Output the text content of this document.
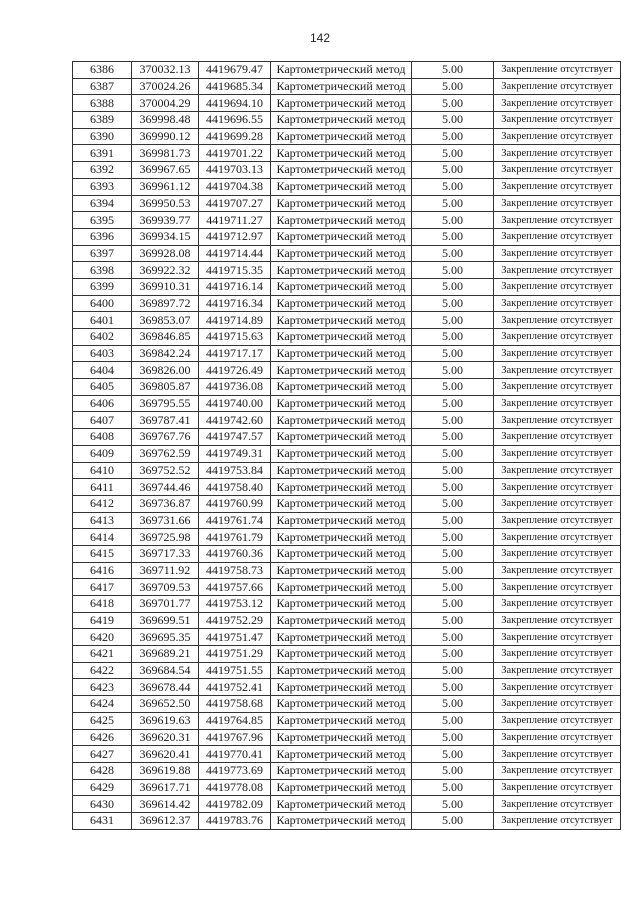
142
6386	370032.13	4419679.47	Картометрический метод	5.00	Закрепление отсутствует
6387	370024.26	4419685.34	Картометрический метод	5.00	Закрепление отсутствует
6388	370004.29	4419694.10	Картометрический метод	5.00	Закрепление отсутствует
6389	369998.48	4419696.55	Картометрический метод	5.00	Закрепление отсутствует
6390	369990.12	4419699.28	Картометрический метод	5.00	Закрепление отсутствует
6391	369981.73	4419701.22	Картометрический метод	5.00	Закрепление отсутствует
6392	369967.65	4419703.13	Картометрический метод	5.00	Закрепление отсутствует
6393	369961.12	4419704.38	Картометрический метод	5.00	Закрепление отсутствует
6394	369950.53	4419707.27	Картометрический метод	5.00	Закрепление отсутствует
6395	369939.77	4419711.27	Картометрический метод	5.00	Закрепление отсутствует
6396	369934.15	4419712.97	Картометрический метод	5.00	Закрепление отсутствует
6397	369928.08	4419714.44	Картометрический метод	5.00	Закрепление отсутствует
6398	369922.32	4419715.35	Картометрический метод	5.00	Закрепление отсутствует
6399	369910.31	4419716.14	Картометрический метод	5.00	Закрепление отсутствует
6400	369897.72	4419716.34	Картометрический метод	5.00	Закрепление отсутствует
6401	369853.07	4419714.89	Картометрический метод	5.00	Закрепление отсутствует
6402	369846.85	4419715.63	Картометрический метод	5.00	Закрепление отсутствует
6403	369842.24	4419717.17	Картометрический метод	5.00	Закрепление отсутствует
6404	369826.00	4419726.49	Картометрический метод	5.00	Закрепление отсутствует
6405	369805.87	4419736.08	Картометрический метод	5.00	Закрепление отсутствует
6406	369795.55	4419740.00	Картометрический метод	5.00	Закрепление отсутствует
6407	369787.41	4419742.60	Картометрический метод	5.00	Закрепление отсутствует
6408	369767.76	4419747.57	Картометрический метод	5.00	Закрепление отсутствует
6409	369762.59	4419749.31	Картометрический метод	5.00	Закрепление отсутствует
6410	369752.52	4419753.84	Картометрический метод	5.00	Закрепление отсутствует
6411	369744.46	4419758.40	Картометрический метод	5.00	Закрепление отсутствует
6412	369736.87	4419760.99	Картометрический метод	5.00	Закрепление отсутствует
6413	369731.66	4419761.74	Картометрический метод	5.00	Закрепление отсутствует
6414	369725.98	4419761.79	Картометрический метод	5.00	Закрепление отсутствует
6415	369717.33	4419760.36	Картометрический метод	5.00	Закрепление отсутствует
6416	369711.92	4419758.73	Картометрический метод	5.00	Закрепление отсутствует
6417	369709.53	4419757.66	Картометрический метод	5.00	Закрепление отсутствует
6418	369701.77	4419753.12	Картометрический метод	5.00	Закрепление отсутствует
6419	369699.51	4419752.29	Картометрический метод	5.00	Закрепление отсутствует
6420	369695.35	4419751.47	Картометрический метод	5.00	Закрепление отсутствует
6421	369689.21	4419751.29	Картометрический метод	5.00	Закрепление отсутствует
6422	369684.54	4419751.55	Картометрический метод	5.00	Закрепление отсутствует
6423	369678.44	4419752.41	Картометрический метод	5.00	Закрепление отсутствует
6424	369652.50	4419758.68	Картометрический метод	5.00	Закрепление отсутствует
6425	369619.63	4419764.85	Картометрический метод	5.00	Закрепление отсутствует
6426	369620.31	4419767.96	Картометрический метод	5.00	Закрепление отсутствует
6427	369620.41	4419770.41	Картометрический метод	5.00	Закрепление отсутствует
6428	369619.88	4419773.69	Картометрический метод	5.00	Закрепление отсутствует
6429	369617.71	4419778.08	Картометрический метод	5.00	Закрепление отсутствует
6430	369614.42	4419782.09	Картометрический метод	5.00	Закрепление отсутствует
6431	369612.37	4419783.76	Картометрический метод	5.00	Закрепление отсутствует
